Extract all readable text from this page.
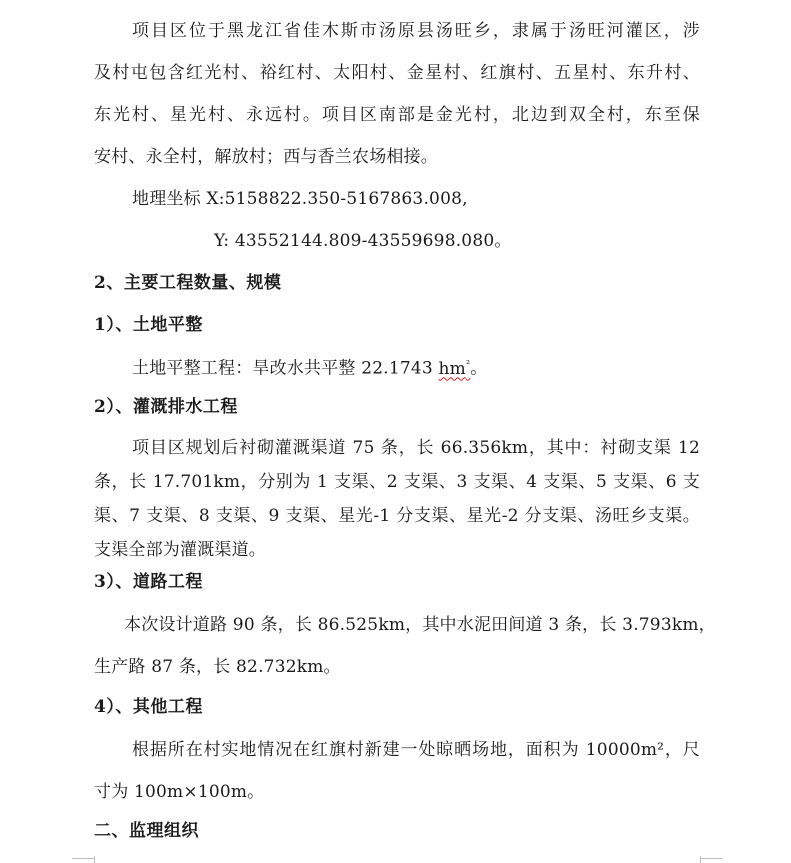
项目区位于黑龙江省佳木斯市汤原县汤旺乡，隶属于汤旺河灌区，涉
及村屯包含红光村、裕红村、太阳村、金星村、红旗村、五星村、东升村、
东光村、星光村、永远村。项目区南部是金光村，北边到双全村，东至保
安村、永全村，解放村；西与香兰农场相接。
地理坐标 X:5158822.350-5167863.008,
Y: 43552144.809-43559698.080。
2、主要工程数量、规模
1）、土地平整
土地平整工程：旱改水共平整 22.1743 $hm^{^2}$。
2）、灌溉排水工程
项目区规划后衬砌灌溉渠道 75 条，长 66.356km，其中：衬砌支渠 12
条，长 17.701km，分别为 1 支渠、2 支渠、3 支渠、4 支渠、5 支渠、6 支
渠、7 支渠、8 支渠、9 支渠、星光-1 分支渠、星光-2 分支渠、汤旺乡支渠。
支渠全部为灌溉渠道。
3）、道路工程
本次设计道路 90 条，长 86.525km，其中水泥田间道 3 条，长 3.793km，
生产路 87 条，长 82.732km。
4）、其他工程
根据所在村实地情况在红旗村新建一处晾晒场地，面积为 10000m²，尺
寸为 100m×100m。
二、监理组织
